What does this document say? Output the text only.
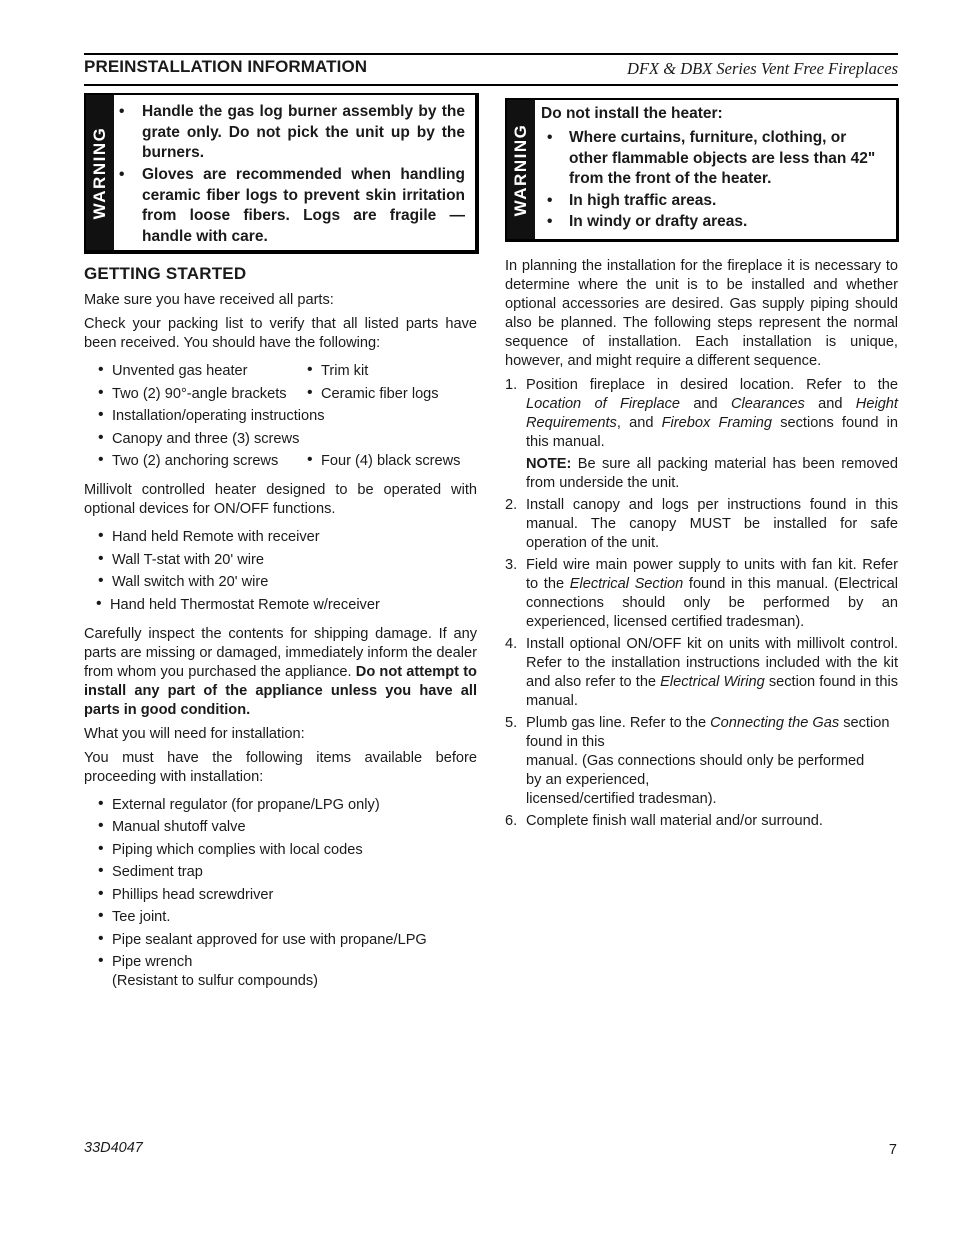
PREINSTALLATION INFORMATION	DFX & DBX Series Vent Free Fireplaces
WARNING
• Handle the gas log burner assembly by the grate only. Do not pick the unit up by the burners.
• Gloves are recommended when handling ceramic fiber logs to prevent skin irritation from loose fibers. Logs are fragile — handle with care.
WARNING
Do not install the heater:
• Where curtains, furniture, clothing, or other flammable objects are less than 42" from the front of the heater.
• In high traffic areas.
• In windy or drafty areas.
GETTING STARTED

Make sure you have received all parts:

Check your packing list to verify that all listed parts have been received. You should have the following:

• Unvented gas heater	• Trim kit
• Two (2) 90°-angle brackets	• Ceramic fiber logs
• Installation/operating instructions
• Canopy and three (3) screws
• Two (2) anchoring screws	• Four (4) black screws

Millivolt controlled heater designed to be operated with optional devices for ON/OFF functions.

• Hand held Remote with receiver
• Wall T-stat with 20' wire
• Wall switch with 20' wire
• Hand held Thermostat Remote w/receiver

Carefully inspect the contents for shipping damage. If any parts are missing or damaged, immediately inform the dealer from whom you purchased the appliance. Do not attempt to install any part of the appliance unless you have all parts in good condition.

What you will need for installation:

You must have the following items available before proceeding with installation:

• External regulator (for propane/LPG only)
• Manual shutoff valve
• Piping which complies with local codes
• Sediment trap
• Phillips head screwdriver
• Tee joint.
• Pipe sealant approved for use with propane/LPG
• Pipe wrench
(Resistant to sulfur compounds)

In planning the installation for the fireplace it is necessary to determine where the unit is to be installed and whether optional accessories are desired. Gas supply piping should also be planned. The following steps represent the normal sequence of installation. Each installation is unique, however, and might require a different sequence.

1. Position fireplace in desired location. Refer to the Location of Fireplace and Clearances and Height Requirements, and Firebox Framing sections found in this manual.
NOTE: Be sure all packing material has been removed from underside the unit.
2. Install canopy and logs per instructions found in this manual. The canopy MUST be installed for safe operation of the unit.
3. Field wire main power supply to units with fan kit. Refer to the Electrical Section found in this manual. (Electrical connections should only be performed by an experienced, licensed certified tradesman).
4. Install optional ON/OFF kit on units with millivolt control. Refer to the installation instructions included with the kit and also refer to the Electrical Wiring section found in this manual.
5. Plumb gas line. Refer to the Connecting the Gas section found in this
manual. (Gas connections should only be performed
by an experienced,
licensed/certified tradesman).
6. Complete finish wall material and/or surround.
33D4047	7
